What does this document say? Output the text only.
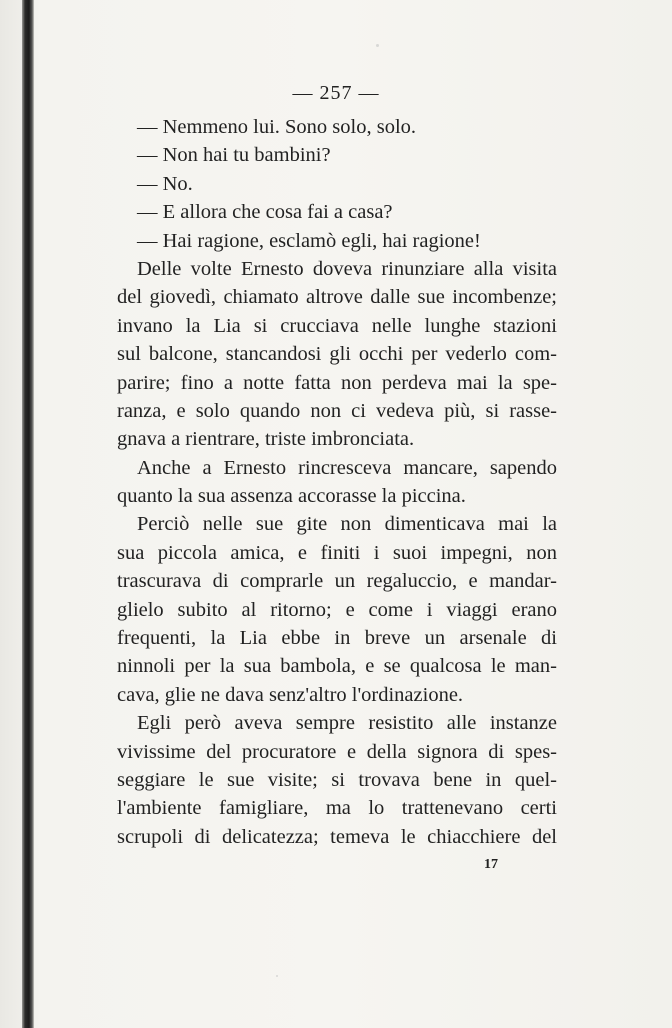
— 257 —
— Nemmeno lui. Sono solo, solo.
— Non hai tu bambini?
— No.
— E allora che cosa fai a casa?
— Hai ragione, esclamò egli, hai ragione!
Delle volte Ernesto doveva rinunziare alla visita
del giovedì, chiamato altrove dalle sue incombenze;
invano la Lia si crucciava nelle lunghe stazioni
sul balcone, stancandosi gli occhi per vederlo com-
parire; fino a notte fatta non perdeva mai la spe-
ranza, e solo quando non ci vedeva più, si rasse-
gnava a rientrare, triste imbronciata.
Anche a Ernesto rincresceva mancare, sapendo
quanto la sua assenza accorasse la piccina.
Perciò nelle sue gite non dimenticava mai la
sua piccola amica, e finiti i suoi impegni, non
trascurava di comprarle un regaluccio, e mandar-
glielo subito al ritorno; e come i viaggi erano
frequenti, la Lia ebbe in breve un arsenale di
ninnoli per la sua bambola, e se qualcosa le man-
cava, glie ne dava senz'altro l'ordinazione.
Egli però aveva sempre resistito alle instanze
vivissime del procuratore e della signora di spes-
seggiare le sue visite; si trovava bene in quel-
l'ambiente famigliare, ma lo trattenevano certi
scrupoli di delicatezza; temeva le chiacchiere del
17
